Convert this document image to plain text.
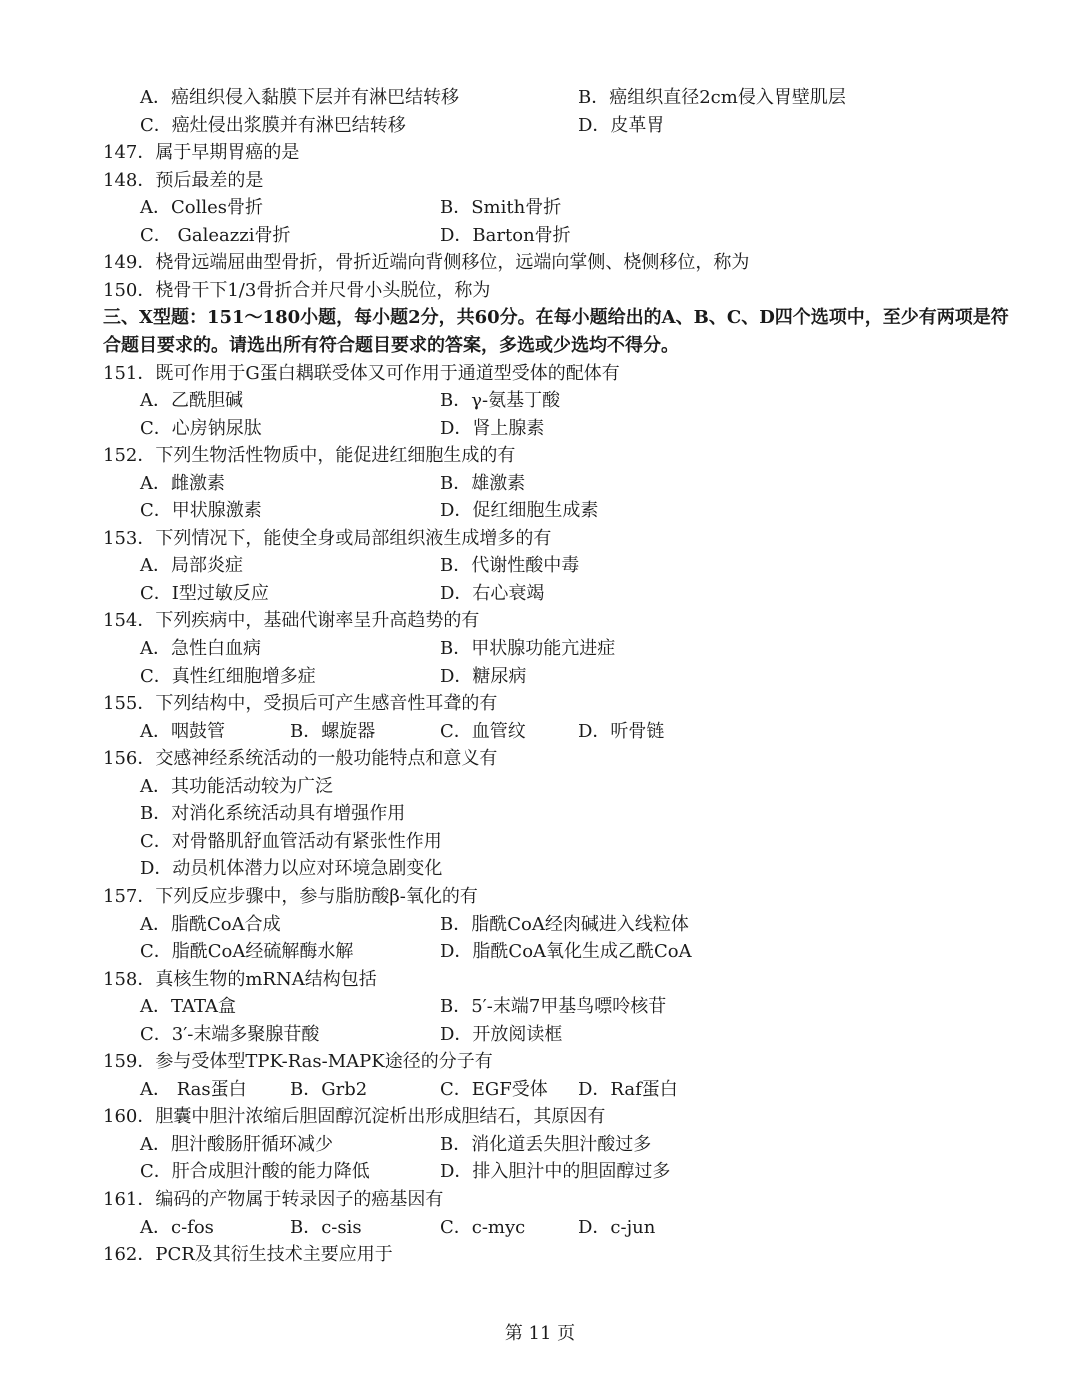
A．癌组织侵入黏膜下层并有淋巴结转移	B．癌组织直径2cm侵入胃壁肌层
C．癌灶侵出浆膜并有淋巴结转移	D．皮革胃
147．属于早期胃癌的是
148．预后最差的是
A．Colles骨折	B．Smith骨折
C． Galeazzi骨折	D．Barton骨折
149．桡骨远端屈曲型骨折，骨折近端向背侧移位，远端向掌侧、桡侧移位，称为
150．桡骨干下1/3骨折合并尺骨小头脱位，称为
三、X型题：151～180小题，每小题2分，共60分。在每小题给出的A、B、C、D四个选项中，至少有两项是符
合题目要求的。请选出所有符合题目要求的答案，多选或少选均不得分。
151．既可作用于G蛋白耦联受体又可作用于通道型受体的配体有
A．乙酰胆碱	B．γ-氨基丁酸
C．心房钠尿肽	D．肾上腺素
152．下列生物活性物质中，能促进红细胞生成的有
A．雌激素	B．雄激素
C．甲状腺激素	D．促红细胞生成素
153．下列情况下，能使全身或局部组织液生成增多的有
A．局部炎症	B．代谢性酸中毒
C．Ⅰ型过敏反应	D．右心衰竭
154．下列疾病中，基础代谢率呈升高趋势的有
A．急性白血病	B．甲状腺功能亢进症
C．真性红细胞增多症	D．糖尿病
155．下列结构中，受损后可产生感音性耳聋的有
A．咽鼓管	B．螺旋器	C．血管纹	D．听骨链
156．交感神经系统活动的一般功能特点和意义有
A．其功能活动较为广泛
B．对消化系统活动具有增强作用
C．对骨骼肌舒血管活动有紧张性作用
D．动员机体潜力以应对环境急剧变化
157．下列反应步骤中，参与脂肪酸β-氧化的有
A．脂酰CoA合成	B．脂酰CoA经肉碱进入线粒体
C．脂酰CoA经硫解酶水解	D．脂酰CoA氧化生成乙酰CoA
158．真核生物的mRNA结构包括
A．TATA盒	B．5′-末端7甲基鸟嘌呤核苷
C．3′-末端多聚腺苷酸	D．开放阅读框
159．参与受体型TPK-Ras-MAPK途径的分子有
A． Ras蛋白 B．Grb2	C．EGF受体 D．Raf蛋白
160．胆囊中胆汁浓缩后胆固醇沉淀析出形成胆结石，其原因有
A．胆汁酸肠肝循环减少	B．消化道丢失胆汁酸过多
C．肝合成胆汁酸的能力降低	D．排入胆汁中的胆固醇过多
161．编码的产物属于转录因子的癌基因有
A．c-fos	B．c-sis	C．c-myc	D．c-jun
162．PCR及其衍生技术主要应用于
第 11 页
